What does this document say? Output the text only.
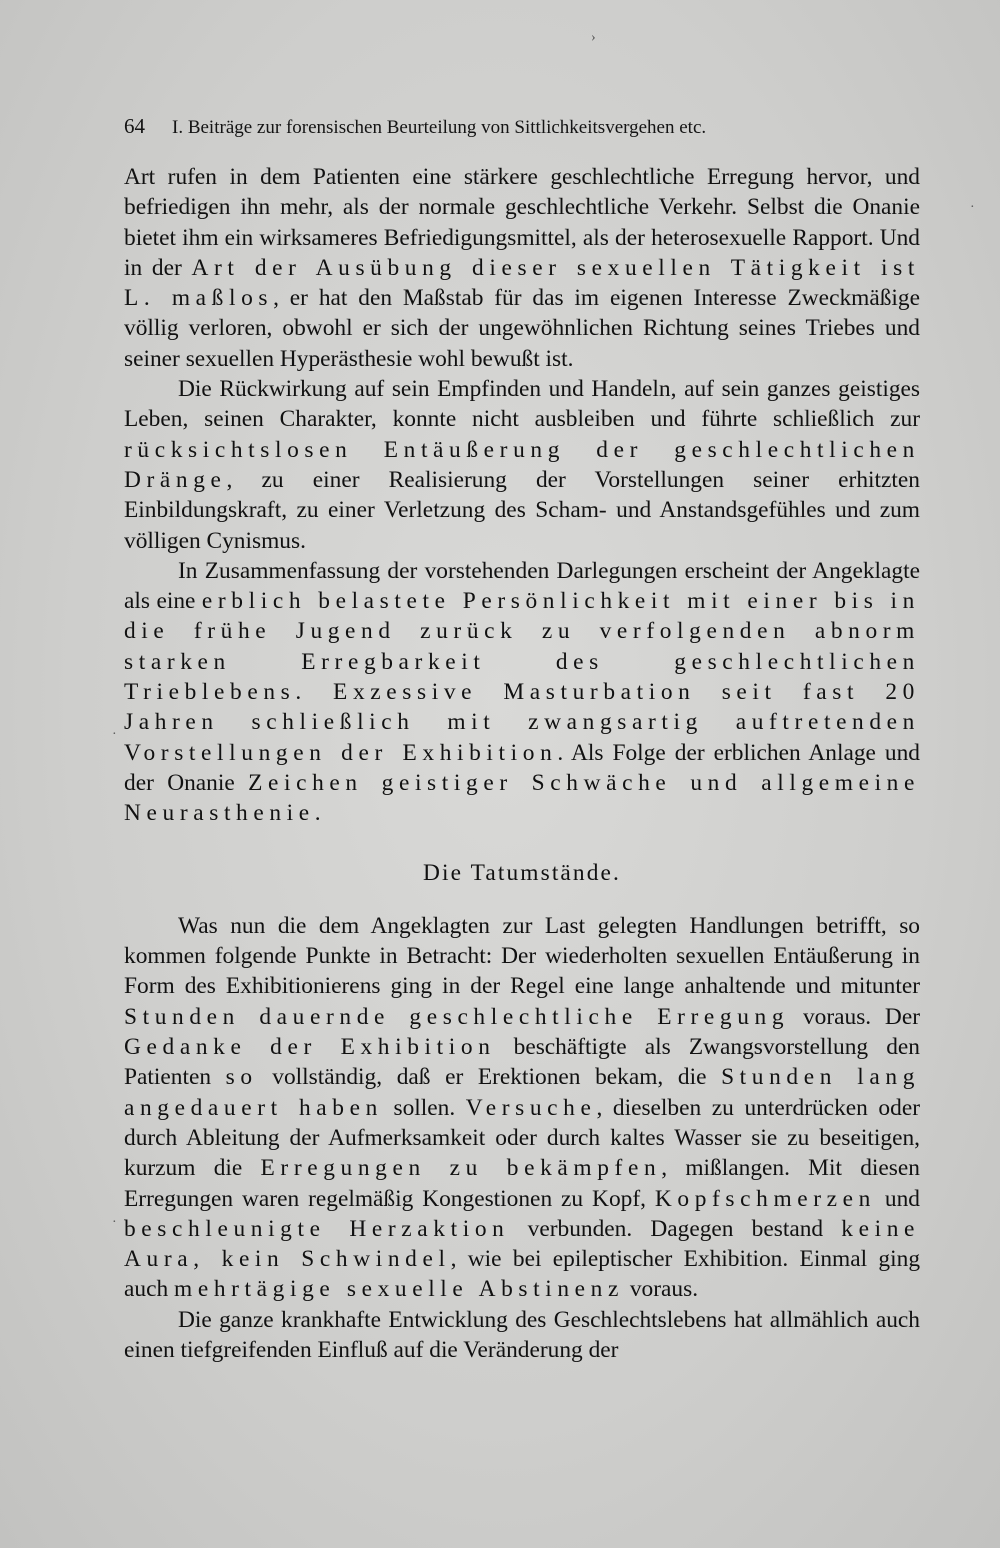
64 I. Beiträge zur forensischen Beurteilung von Sittlichkeitsvergehen etc.

Art rufen in dem Patienten eine stärkere geschlechtliche Erregung hervor, und befriedigen ihn mehr, als der normale geschlechtliche Verkehr. Selbst die Onanie bietet ihm ein wirksameres Befriedigungsmittel, als der heterosexuelle Rapport. Und in der Art der Ausübung dieser sexuellen Tätigkeit ist L. maßlos, er hat den Maßstab für das im eigenen Interesse Zweckmäßige völlig verloren, obwohl er sich der ungewöhnlichen Richtung seines Triebes und seiner sexuellen Hyperästhesie wohl bewußt ist.

Die Rückwirkung auf sein Empfinden und Handeln, auf sein ganzes geistiges Leben, seinen Charakter, konnte nicht ausbleiben und führte schließlich zur rücksichtslosen Entäußerung der geschlechtlichen Dränge, zu einer Realisierung der Vorstellungen seiner erhitzten Einbildungskraft, zu einer Verletzung des Scham- und Anstandsgefühles und zum völligen Cynismus.

In Zusammenfassung der vorstehenden Darlegungen erscheint der Angeklagte als eine erblich belastete Persönlichkeit mit einer bis in die frühe Jugend zurück zu verfolgenden abnorm starken Erregbarkeit des geschlechtlichen Trieblebens. Exzessive Masturbation seit fast 20 Jahren schließlich mit zwangsartig auftretenden Vorstellungen der Exhibition. Als Folge der erblichen Anlage und der Onanie Zeichen geistiger Schwäche und allgemeine Neurasthenie.

Die Tatumstände.

Was nun die dem Angeklagten zur Last gelegten Handlungen betrifft, so kommen folgende Punkte in Betracht: Der wiederholten sexuellen Entäußerung in Form des Exhibitionierens ging in der Regel eine lange anhaltende und mitunter Stunden dauernde geschlechtliche Erregung voraus. Der Gedanke der Exhibition beschäftigte als Zwangsvorstellung den Patienten so vollständig, daß er Erektionen bekam, die Stunden lang angedauert haben sollen. Versuche, dieselben zu unterdrücken oder durch Ableitung der Aufmerksamkeit oder durch kaltes Wasser sie zu beseitigen, kurzum die Erregungen zu bekämpfen, mißlangen. Mit diesen Erregungen waren regelmäßig Kongestionen zu Kopf, Kopfschmerzen und beschleunigte Herzaktion verbunden. Dagegen bestand keine Aura, kein Schwindel, wie bei epileptischer Exhibition. Einmal ging auch mehrtägige sexuelle Abstinenz voraus.

Die ganze krankhafte Entwicklung des Geschlechtslebens hat allmählich auch einen tiefgreifenden Einfluß auf die Veränderung der

›
·
·
·
